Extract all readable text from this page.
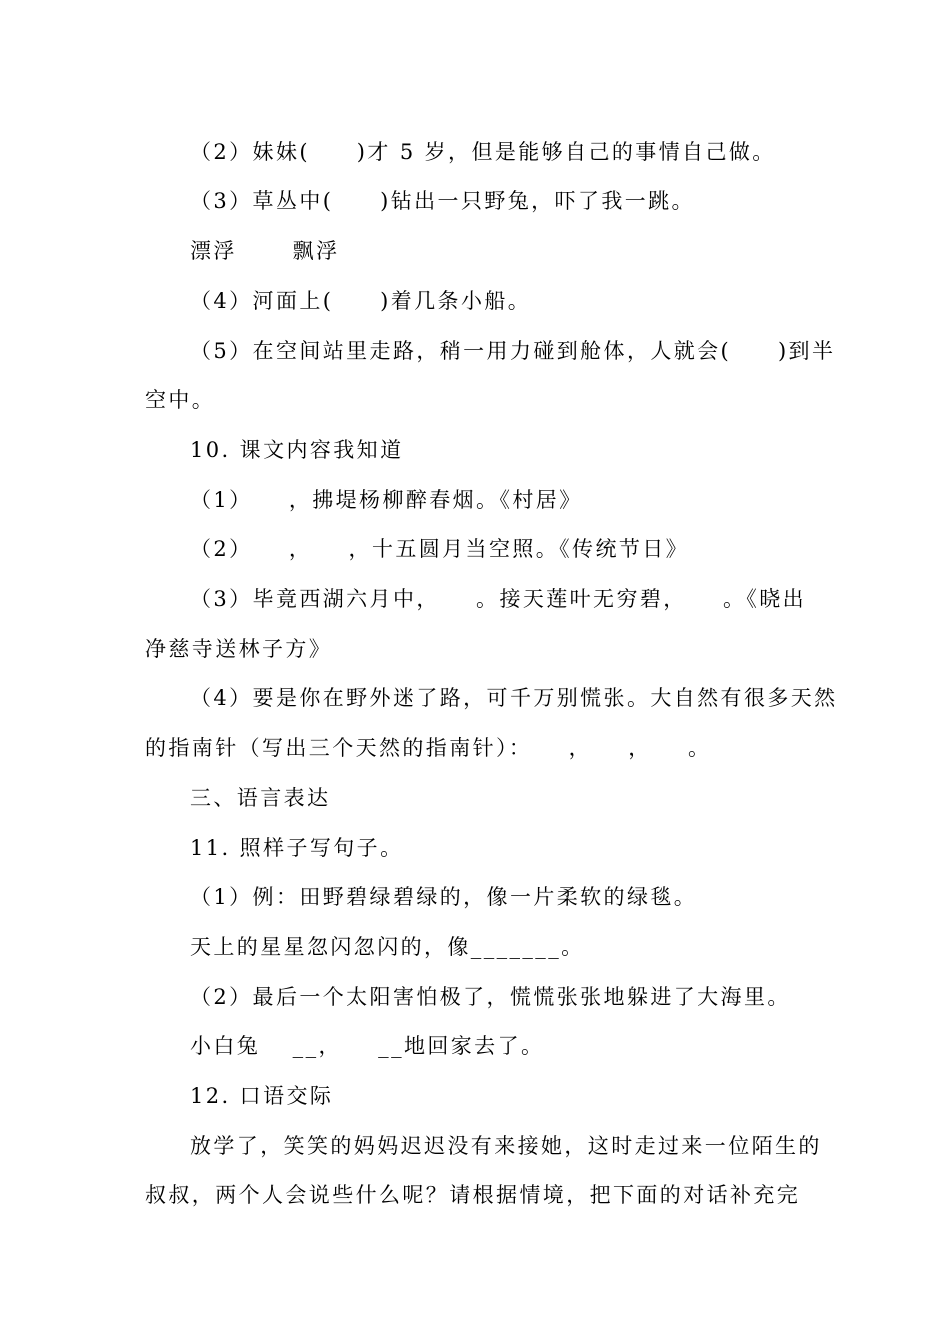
（2）妹妹(　　)才 5 岁，但是能够自己的事情自己做。
（3）草丛中(　　)钻出一只野兔，吓了我一跳。
漂浮　　 飘浮
（4）河面上(　　)着几条小船。
（5）在空间站里走路，稍一用力碰到舱体，人就会(　　)到半
空中。
10. 课文内容我知道
（1）　　，拂堤杨柳醉春烟。《村居》
（2）　　，　　，十五圆月当空照。《传统节日》
（3）毕竟西湖六月中，　　。接天莲叶无穷碧，　　。《晓出
净慈寺送林子方》
（4）要是你在野外迷了路，可千万别慌张。大自然有很多天然
的指南针（写出三个天然的指南针）：　　，　　，　　。
三、语言表达
11. 照样子写句子。
（1）例：田野碧绿碧绿的，像一片柔软的绿毯。
天上的星星忽闪忽闪的，像_______。
（2）最后一个太阳害怕极了，慌慌张张地躲进了大海里。
小白兔　 __，　　__地回家去了。
12. 口语交际
放学了，笑笑的妈妈迟迟没有来接她，这时走过来一位陌生的
叔叔，两个人会说些什么呢？请根据情境，把下面的对话补充完
